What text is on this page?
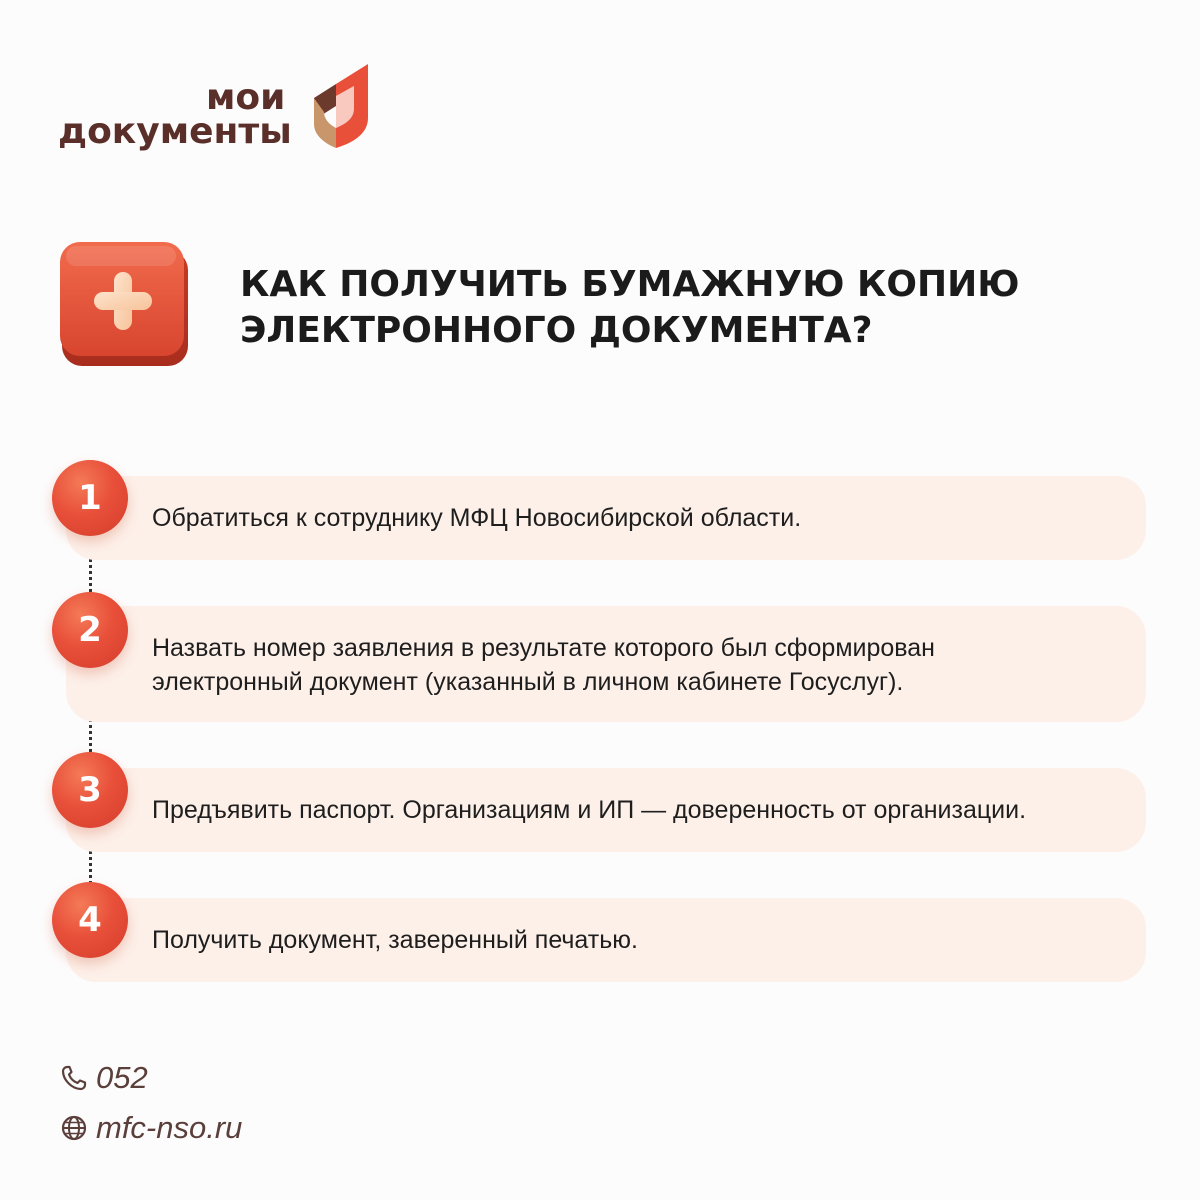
мои
документы
КАК ПОЛУЧИТЬ БУМАЖНУЮ КОПИЮ
ЭЛЕКТРОННОГО ДОКУМЕНТА?
Обратиться к сотруднику МФЦ Новосибирской области.
1
Назвать номер заявления в результате которого был сформирован
электронный документ (указанный в личном кабинете Госуслуг).
2
Предъявить паспорт. Организациям и ИП — доверенность от организации.
3
Получить документ, заверенный печатью.
4
052
mfc-nso.ru
